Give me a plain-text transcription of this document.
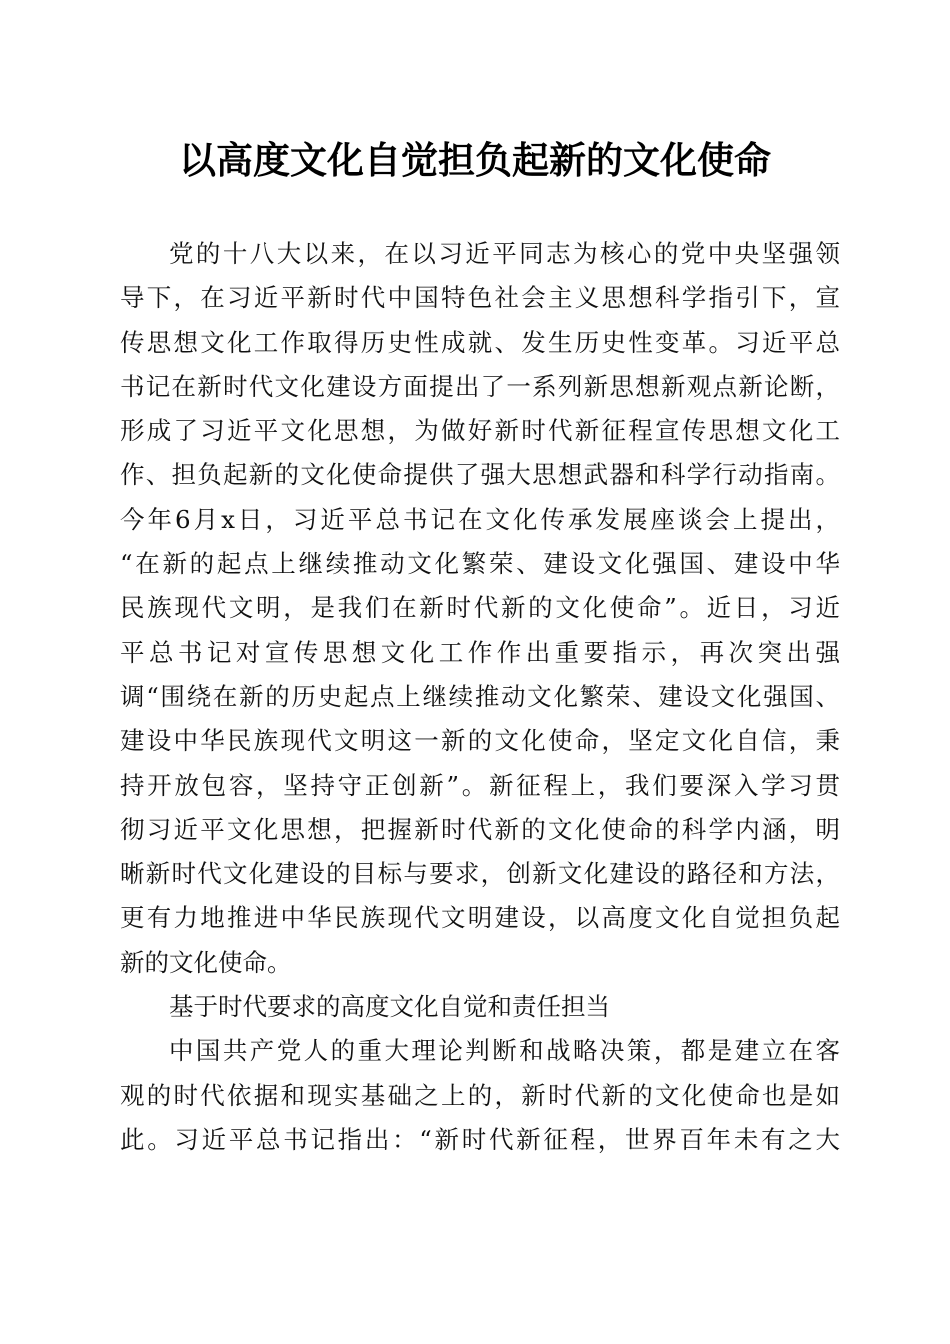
以高度文化自觉担负起新的文化使命
党的十八大以来，在以习近平同志为核心的党中央坚强领
导下，在习近平新时代中国特色社会主义思想科学指引下，宣
传思想文化工作取得历史性成就、发生历史性变革。习近平总
书记在新时代文化建设方面提出了一系列新思想新观点新论断，
形成了习近平文化思想，为做好新时代新征程宣传思想文化工
作、担负起新的文化使命提供了强大思想武器和科学行动指南。
今年6月x日，习近平总书记在文化传承发展座谈会上提出，
“在新的起点上继续推动文化繁荣、建设文化强国、建设中华
民族现代文明，是我们在新时代新的文化使命”。近日，习近
平总书记对宣传思想文化工作作出重要指示，再次突出强
调“围绕在新的历史起点上继续推动文化繁荣、建设文化强国、
建设中华民族现代文明这一新的文化使命，坚定文化自信，秉
持开放包容，坚持守正创新”。新征程上，我们要深入学习贯
彻习近平文化思想，把握新时代新的文化使命的科学内涵，明
晰新时代文化建设的目标与要求，创新文化建设的路径和方法，
更有力地推进中华民族现代文明建设，以高度文化自觉担负起
新的文化使命。
基于时代要求的高度文化自觉和责任担当
中国共产党人的重大理论判断和战略决策，都是建立在客
观的时代依据和现实基础之上的，新时代新的文化使命也是如
此。习近平总书记指出：“新时代新征程，世界百年未有之大
